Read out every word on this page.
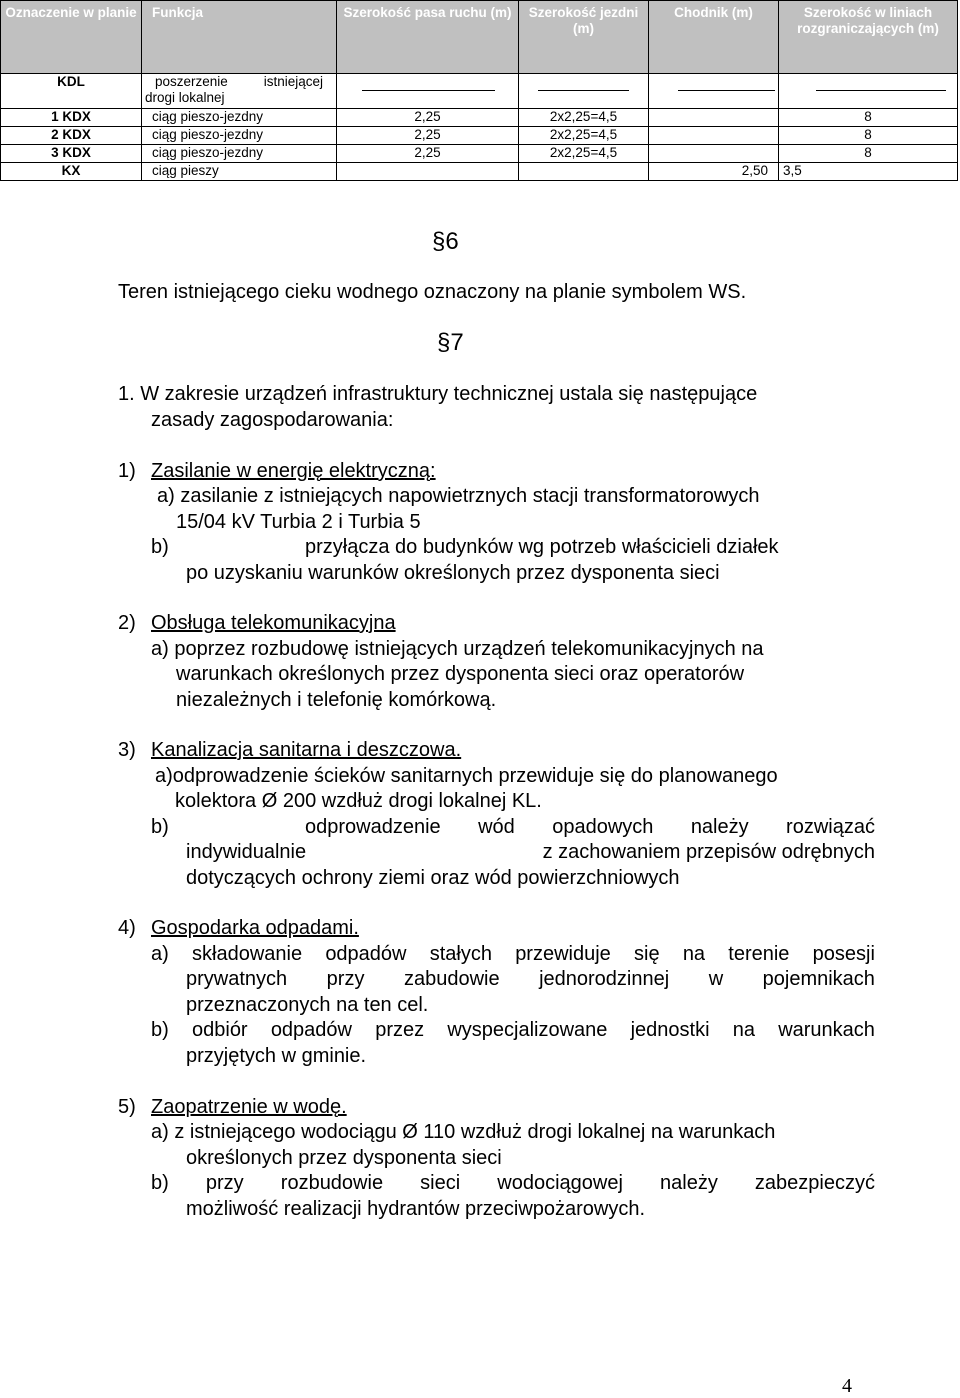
Oznaczenie w planie	Funkcja	Szerokość pasa ruchu (m)	Szerokość jezdni (m)	Chodnik (m)	Szerokość w liniach rozgraniczających (m)
KDL	poszerzenie istniejącej
drogi lokalnej				

1 KDX	ciąg pieszo-jezdny	2,25	2x2,25=4,5		8
2 KDX	ciąg pieszo-jezdny	2,25	2x2,25=4,5		8
3 KDX	ciąg pieszo-jezdny	2,25	2x2,25=4,5		8
KX	ciąg pieszy			2,50	3,5
§6
Teren istniejącego cieku wodnego oznaczony na planie symbolem WS.
§7
1. W zakresie urządzeń infrastruktury technicznej ustala się następujące
zasady zagospodarowania:
1) Zasilanie w energię elektryczną:
a) zasilanie z istniejących napowietrznych stacji transformatorowych
15/04 kV Turbia 2 i Turbia 5
b)	przyłącza do budynków wg potrzeb właścicieli działek
po uzyskaniu warunków określonych przez dysponenta sieci
2) Obsługa telekomunikacyjna
a) poprzez rozbudowę istniejących urządzeń telekomunikacyjnych na
warunkach określonych przez dysponenta sieci oraz operatorów
niezależnych i telefonię komórkową.
3) Kanalizacja sanitarna i deszczowa.
a)odprowadzenie ścieków sanitarnych przewiduje się do planowanego
kolektora Ø 200 wzdłuż drogi lokalnej KL.
b)	odprowadzenie wód opadowych należy rozwiązać
indywidualnie	z zachowaniem przepisów odrębnych
dotyczących ochrony ziemi oraz wód powierzchniowych
4) Gospodarka odpadami.
a) składowanie odpadów stałych przewiduje się na terenie posesji
prywatnych przy zabudowie jednorodzinnej w pojemnikach
przeznaczonych na ten cel.
b) odbiór odpadów przez wyspecjalizowane jednostki na warunkach
przyjętych w gminie.
5) Zaopatrzenie w wodę.
a) z istniejącego wodociągu Ø 110 wzdłuż drogi lokalnej na warunkach
określonych przez dysponenta sieci
b) przy rozbudowie sieci wodociągowej należy zabezpieczyć
możliwość realizacji hydrantów przeciwpożarowych.
4
